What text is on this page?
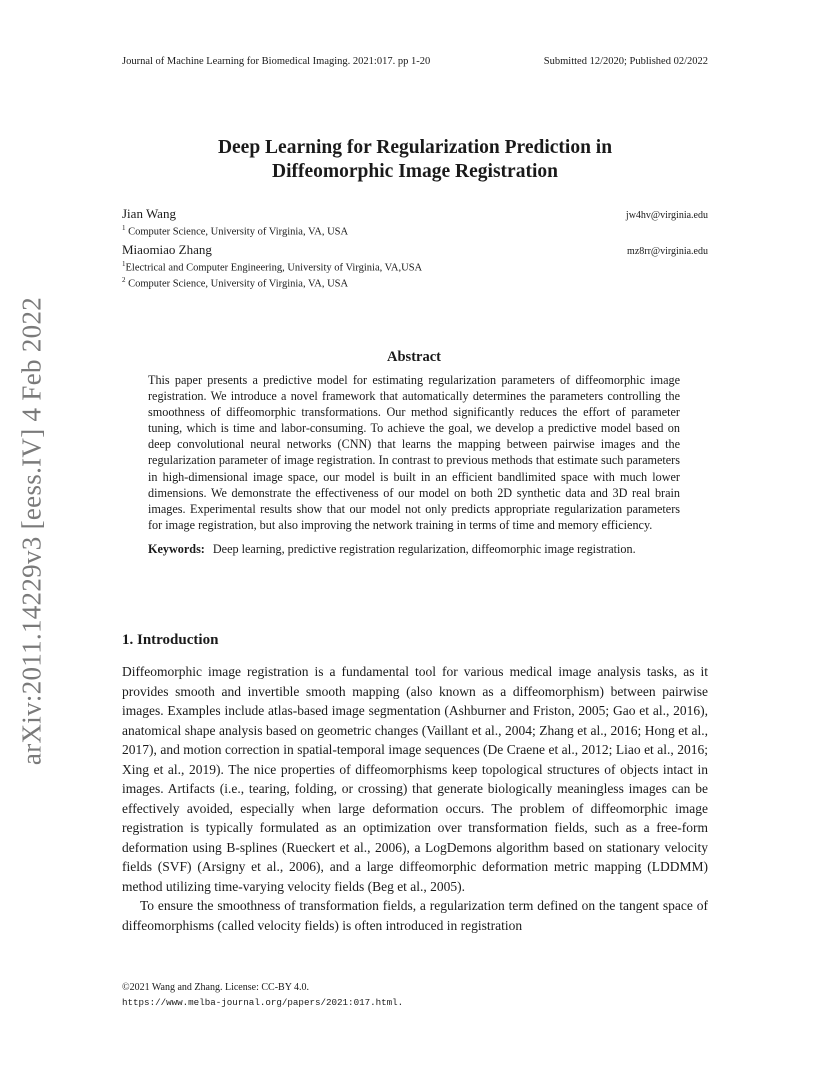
arXiv:2011.14229v3 [eess.IV] 4 Feb 2022
Journal of Machine Learning for Biomedical Imaging. 2021:017. pp 1-20	Submitted 12/2020; Published 02/2022
Deep Learning for Regularization Prediction in
Diffeomorphic Image Registration
Jian Wang	jw4hv@virginia.edu
$^1$ Computer Science, University of Virginia, VA, USA
Miaomiao Zhang	mz8rr@virginia.edu
$^1$Electrical and Computer Engineering, University of Virginia, VA,USA
$^2$ Computer Science, University of Virginia, VA, USA
Abstract

This paper presents a predictive model for estimating regularization parameters of diffeomorphic image registration. We introduce a novel framework that automatically determines the parameters controlling the smoothness of diffeomorphic transformations. Our method significantly reduces the effort of parameter tuning, which is time and labor-consuming. To achieve the goal, we develop a predictive model based on deep convolutional neural networks (CNN) that learns the mapping between pairwise images and the regularization parameter of image registration. In contrast to previous methods that estimate such parameters in high-dimensional image space, our model is built in an efficient bandlimited space with much lower dimensions. We demonstrate the effectiveness of our model on both 2D synthetic data and 3D real brain images. Experimental results show that our model not only predicts appropriate regularization parameters for image registration, but also improving the network training in terms of time and memory efficiency.

Keywords: Deep learning, predictive registration regularization, diffeomorphic image registration.
1. Introduction

Diffeomorphic image registration is a fundamental tool for various medical image analysis tasks, as it provides smooth and invertible smooth mapping (also known as a diffeomorphism) between pairwise images. Examples include atlas-based image segmentation (Ashburner and Friston, 2005; Gao et al., 2016), anatomical shape analysis based on geometric changes (Vaillant et al., 2004; Zhang et al., 2016; Hong et al., 2017), and motion correction in spatial-temporal image sequences (De Craene et al., 2012; Liao et al., 2016; Xing et al., 2019). The nice properties of diffeomorphisms keep topological structures of objects intact in images. Artifacts (i.e., tearing, folding, or crossing) that generate biologically meaningless images can be effectively avoided, especially when large deformation occurs. The problem of diffeomorphic image registration is typically formulated as an optimization over transformation fields, such as a free-form deformation using B-splines (Rueckert et al., 2006), a LogDemons algorithm based on stationary velocity fields (SVF) (Arsigny et al., 2006), and a large diffeomorphic deformation metric mapping (LDDMM) method utilizing time-varying velocity fields (Beg et al., 2005).

To ensure the smoothness of transformation fields, a regularization term defined on the tangent space of diffeomorphisms (called velocity fields) is often introduced in registration

©2021 Wang and Zhang. License: CC-BY 4.0.
https://www.melba-journal.org/papers/2021:017.html.
